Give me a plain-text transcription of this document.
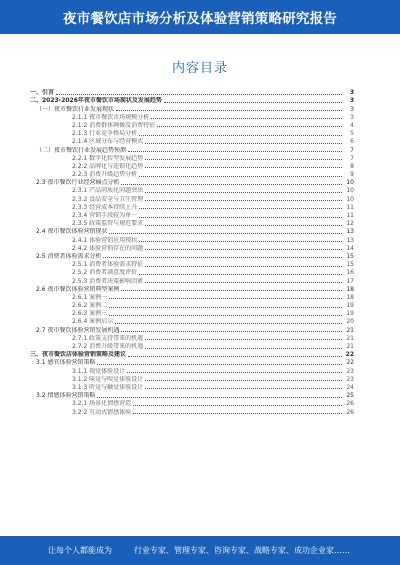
夜市餐饮店市场分析及体验营销策略研究报告
内容目录
一、引言	3
二、2023-2026年夜市餐饮市场现状及发展趋势	3
（一）夜市餐饮行业发展现状	3
2.1.1 夜市餐饮市场规模分析	3
2.1.2 消费群体画像及消费特征	4
2.1.3 行业竞争格局分析	5
2.1.4 区域分布与经营模式	6
（二）夜市餐饮行业发展趋势预测	7
2.2.1 数字化转型发展趋势	7
2.2.2 品牌化与连锁化趋势	8
2.2.3 消费升级趋势分析	9
2.3 夜市餐饮行业经营痛点分析	10
2.3.1 产品同质化问题突出	10
2.3.2 食品安全与卫生管理	10
2.3.3 经营成本持续上升	11
2.3.4 营销手段较为单一	11
2.3.5 政策监管与规范要求	12
2.4 夜市餐饮体验营销现状	13
2.4.1 体验营销应用现状	13
2.4.2 体验营销存在的问题	14
2.5 消费者体验需求分析	15
2.5.1 消费者体验需求特征	15
2.5.2 消费者满意度评价	16
2.5.3 消费者决策影响因素	17
2.6 夜市餐饮体验营销典型案例	18
2.6.1 案例一	18
2.6.2 案例二	19
2.6.3 案例三	19
2.6.4 案例启示	20
2.7 夜市餐饮体验营销发展机遇	21
2.7.1 政策支持带来的机遇	21
2.7.2 消费升级带来的机遇	21
三、夜市餐饮店体验营销策略及建议	22
3.1 感官体验营销策略	22
3.1.1 视觉体验设计	23
3.1.2 味觉与嗅觉体验设计	23
3.1.3 听觉与触觉体验设计	24
3.2 情感体验营销策略	25
3.2.1 场景化情感营造	26
3.2.2 互动式情感体验	26
让每个人都能成为	行业专家、管理专家、咨询专家、战略专家、成功企业家……
